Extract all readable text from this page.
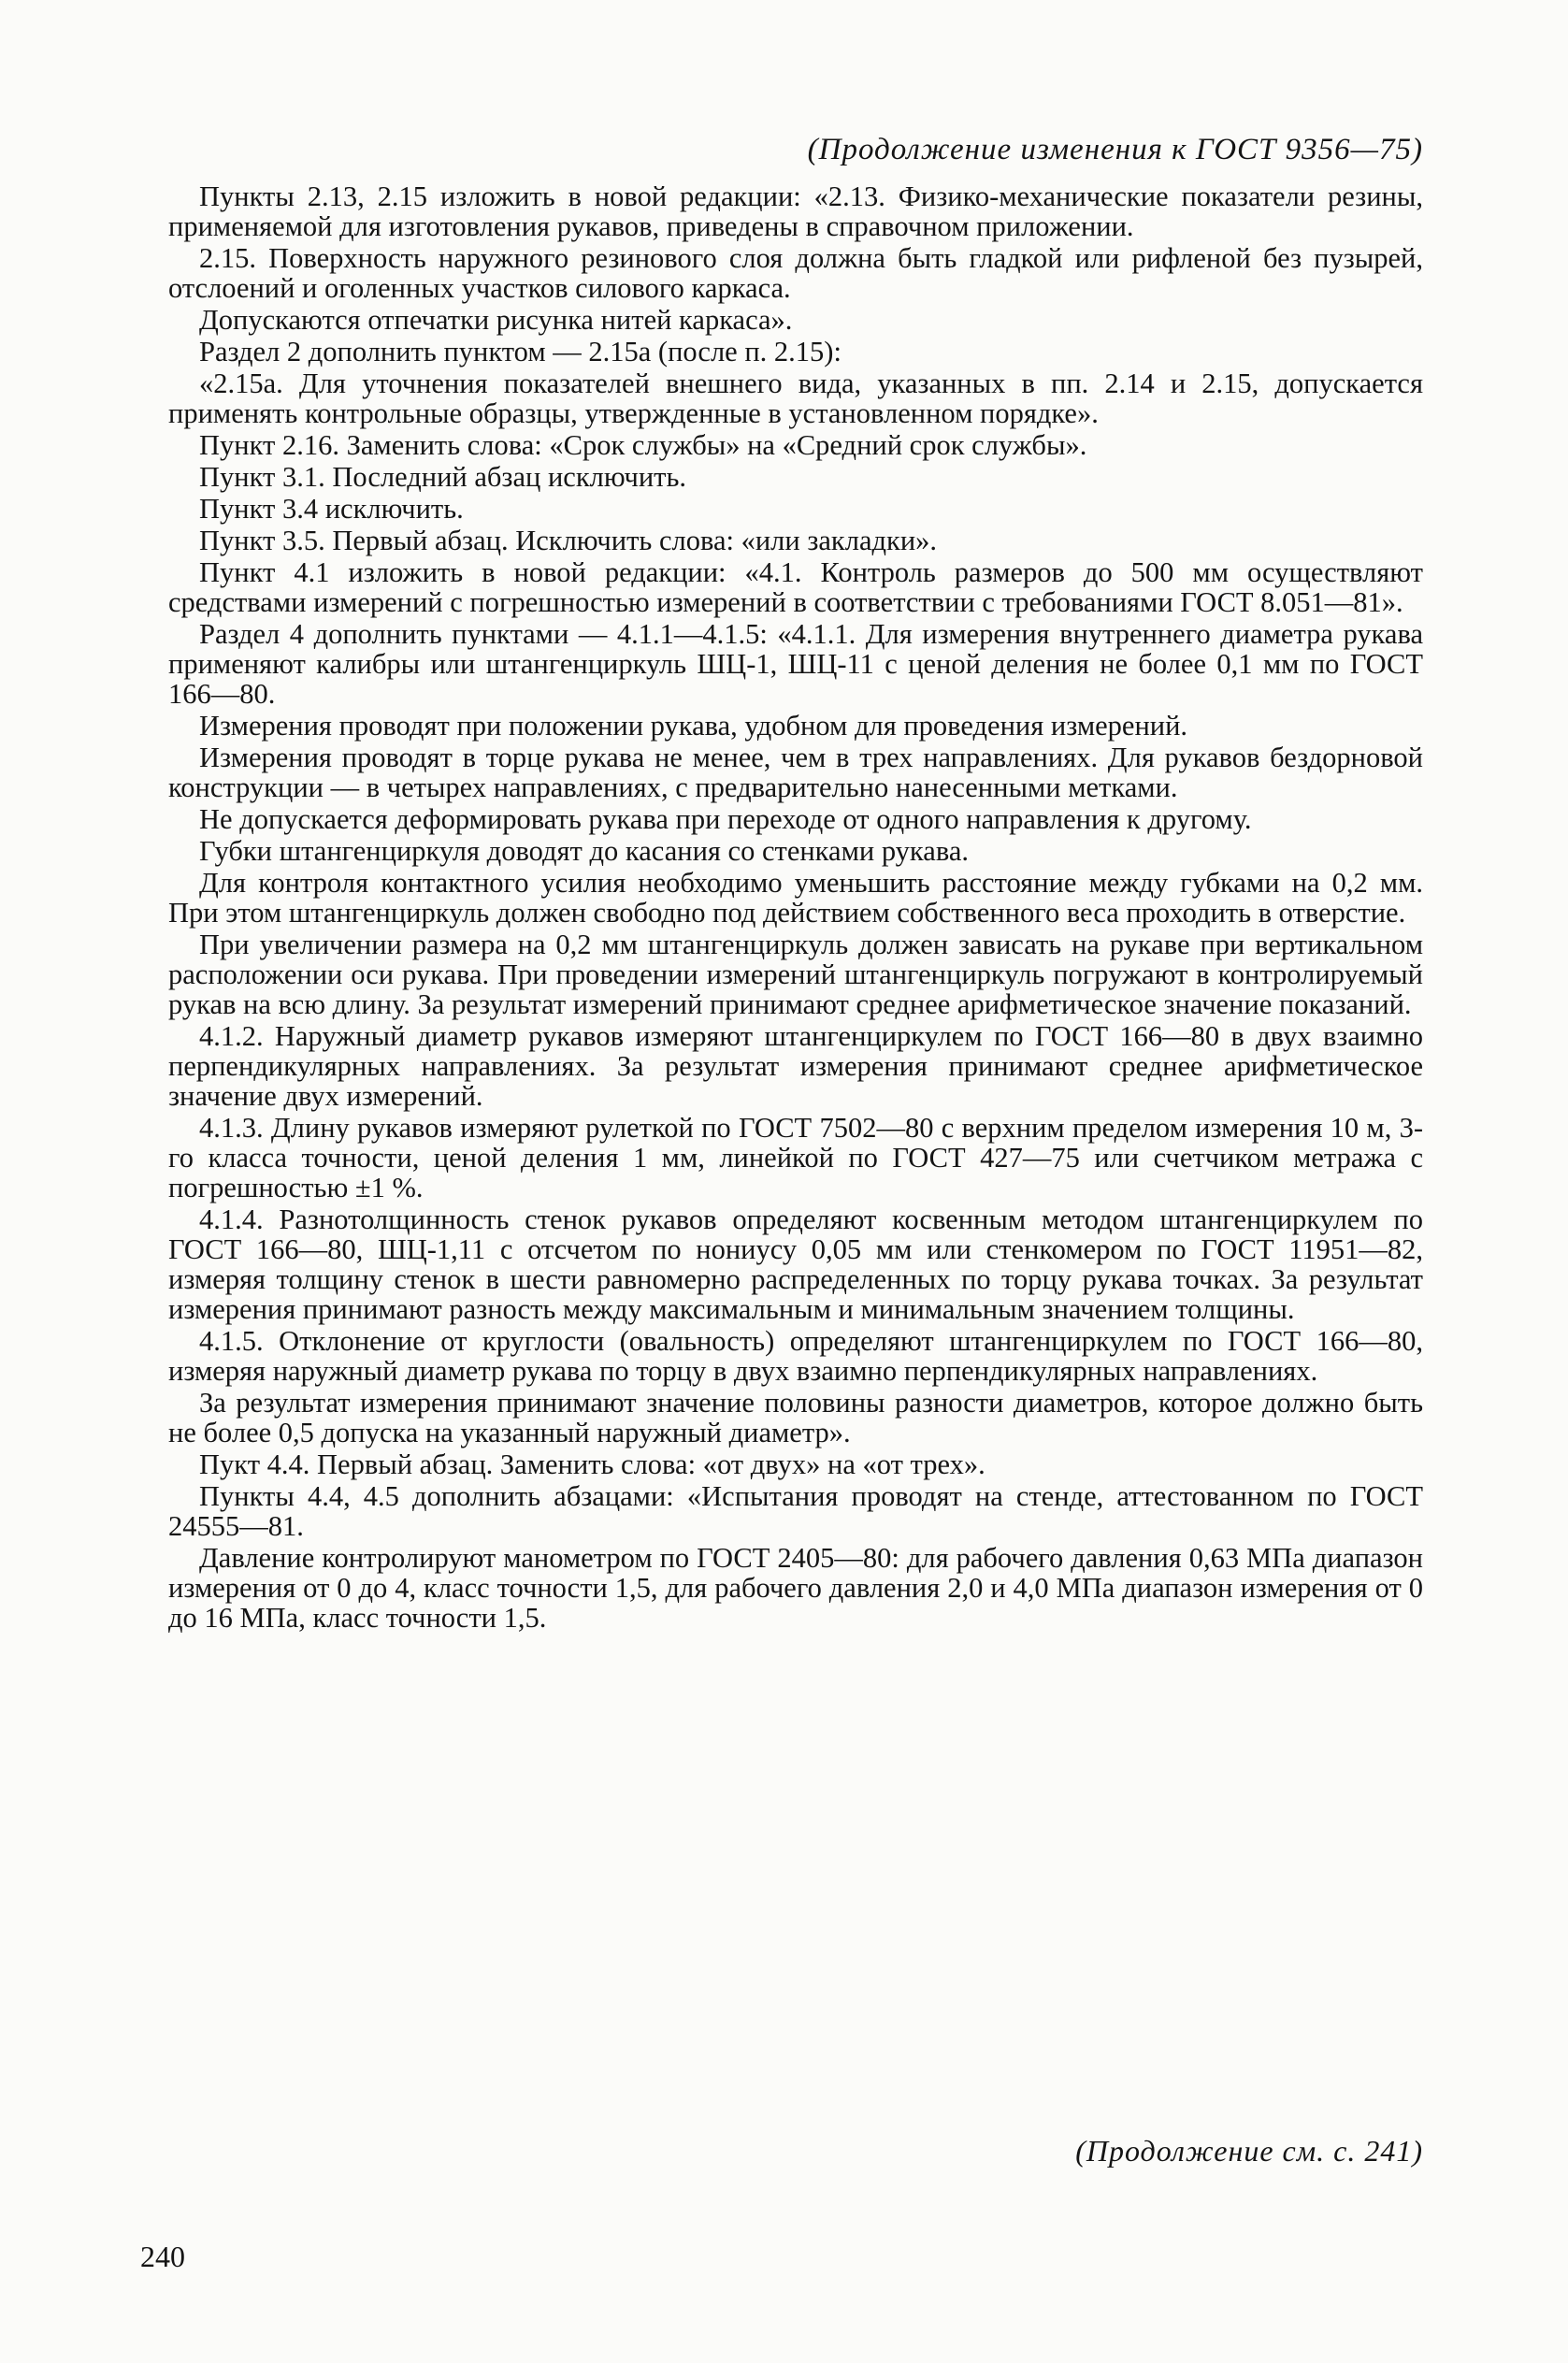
(Продолжение изменения к ГОСТ 9356—75)

Пункты 2.13, 2.15 изложить в новой редакции: «2.13. Физико-механические показатели резины, применяемой для изготовления рукавов, приведены в справочном приложении.

2.15. Поверхность наружного резинового слоя должна быть гладкой или рифленой без пузырей, отслоений и оголенных участков силового каркаса.

Допускаются отпечатки рисунка нитей каркаса».

Раздел 2 дополнить пунктом — 2.15а (после п. 2.15):

«2.15а. Для уточнения показателей внешнего вида, указанных в пп. 2.14 и 2.15, допускается применять контрольные образцы, утвержденные в установленном порядке».

Пункт 2.16. Заменить слова: «Срок службы» на «Средний срок службы».

Пункт 3.1. Последний абзац исключить.

Пункт 3.4 исключить.

Пункт 3.5. Первый абзац. Исключить слова: «или закладки».

Пункт 4.1 изложить в новой редакции: «4.1. Контроль размеров до 500 мм осуществляют средствами измерений с погрешностью измерений в соответствии с требованиями ГОСТ 8.051—81».

Раздел 4 дополнить пунктами — 4.1.1—4.1.5: «4.1.1. Для измерения внутреннего диаметра рукава применяют калибры или штангенциркуль ШЦ-1, ШЦ-11 с ценой деления не более 0,1 мм по ГОСТ 166—80.

Измерения проводят при положении рукава, удобном для проведения измерений.

Измерения проводят в торце рукава не менее, чем в трех направлениях. Для рукавов бездорновой конструкции — в четырех направлениях, с предварительно нанесенными метками.

Не допускается деформировать рукава при переходе от одного направления к другому.

Губки штангенциркуля доводят до касания со стенками рукава.

Для контроля контактного усилия необходимо уменьшить расстояние между губками на 0,2 мм. При этом штангенциркуль должен свободно под действием собственного веса проходить в отверстие.

При увеличении размера на 0,2 мм штангенциркуль должен зависать на рукаве при вертикальном расположении оси рукава. При проведении измерений штангенциркуль погружают в контролируемый рукав на всю длину. За результат измерений принимают среднее арифметическое значение показаний.

4.1.2. Наружный диаметр рукавов измеряют штангенциркулем по ГОСТ 166—80 в двух взаимно перпендикулярных направлениях. За результат измерения принимают среднее арифметическое значение двух измерений.

4.1.3. Длину рукавов измеряют рулеткой по ГОСТ 7502—80 с верхним пределом измерения 10 м, 3-го класса точности, ценой деления 1 мм, линейкой по ГОСТ 427—75 или счетчиком метража с погрешностью ±1 %.

4.1.4. Разнотолщинность стенок рукавов определяют косвенным методом штангенциркулем по ГОСТ 166—80, ШЦ-1,11 с отсчетом по нониусу 0,05 мм или стенкомером по ГОСТ 11951—82, измеряя толщину стенок в шести равномерно распределенных по торцу рукава точках. За результат измерения принимают разность между максимальным и минимальным значением толщины.

4.1.5. Отклонение от круглости (овальность) определяют штангенциркулем по ГОСТ 166—80, измеряя наружный диаметр рукава по торцу в двух взаимно перпендикулярных направлениях.

За результат измерения принимают значение половины разности диаметров, которое должно быть не более 0,5 допуска на указанный наружный диаметр».

Пукт 4.4. Первый абзац. Заменить слова: «от двух» на «от трех».

Пункты 4.4, 4.5 дополнить абзацами: «Испытания проводят на стенде, аттестованном по ГОСТ 24555—81.

Давление контролируют манометром по ГОСТ 2405—80: для рабочего давления 0,63 МПа диапазон измерения от 0 до 4, класс точности 1,5, для рабочего давления 2,0 и 4,0 МПа диапазон измерения от 0 до 16 МПа, класс точности 1,5.

(Продолжение см. с. 241)
240
